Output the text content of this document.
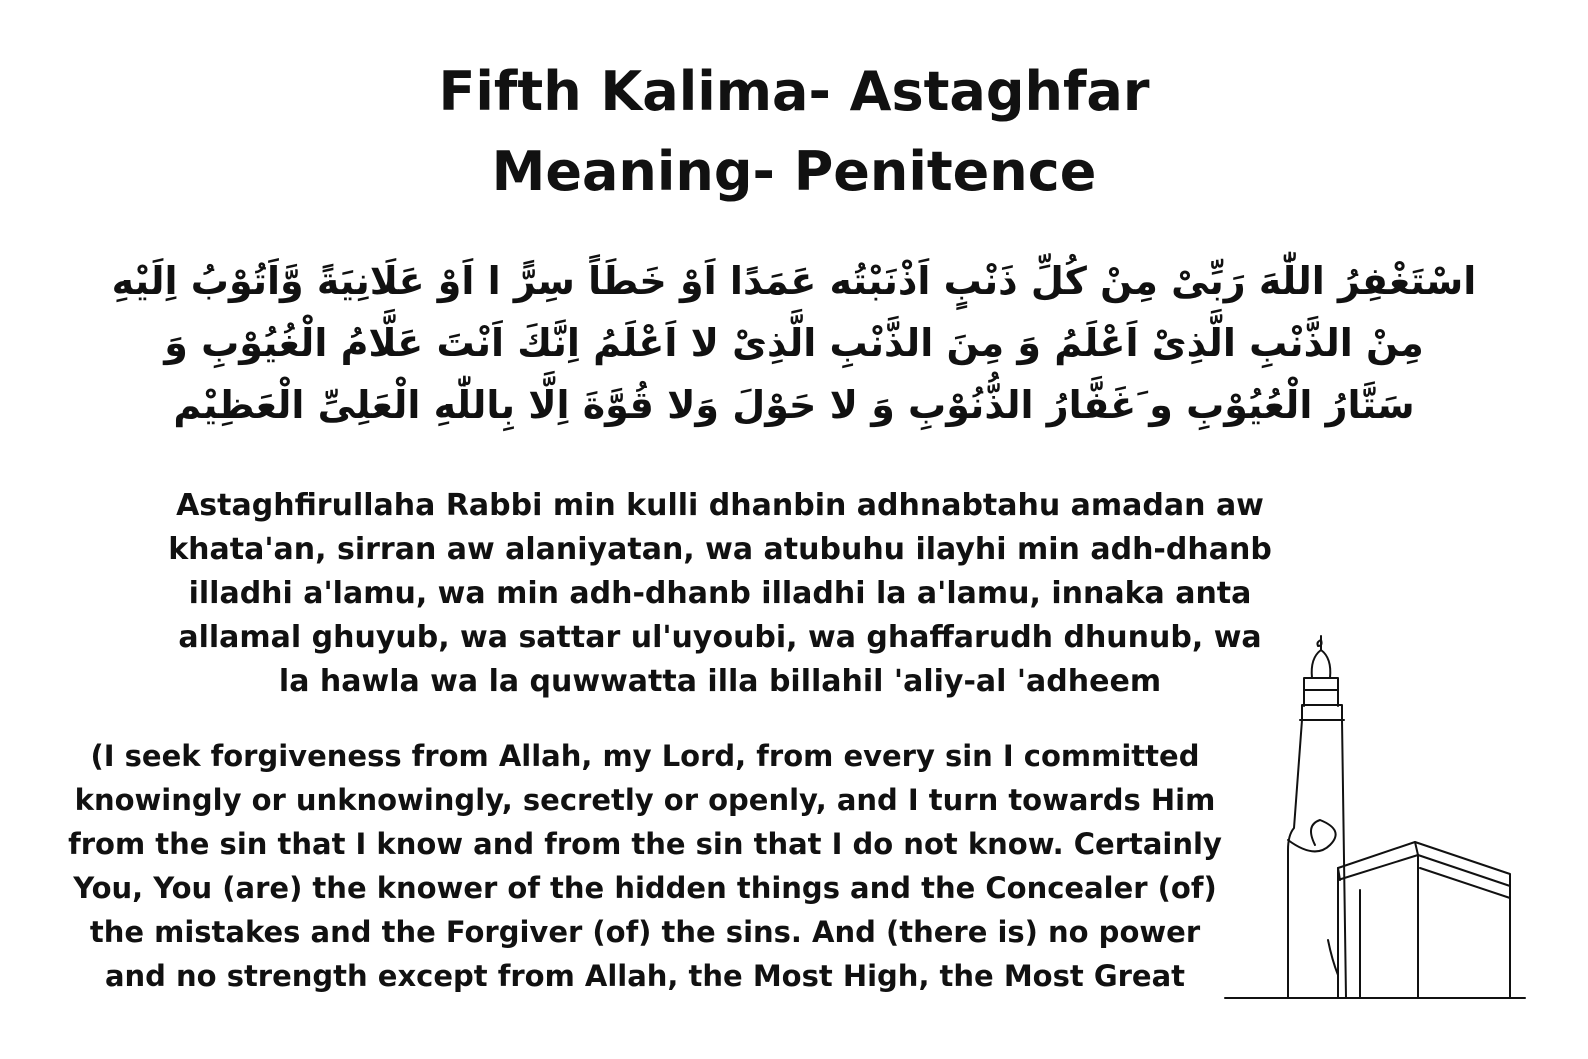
Fifth Kalima- Astaghfar
Meaning- Penitence
اسْتَغْفِرُ اللّٰهَ رَبِّىْ مِنْ كُلِّ ذَنْبٍ اَذْنَبْتُه عَمَدًا اَوْ خَطَاً سِرًّ ا اَوْ عَلَانِيَةً وَّاَتُوْبُ اِلَيْهِ
مِنْ الذَّنْبِ الَّذِىْ اَعْلَمُ وَ مِنَ الذَّنْبِ الَّذِىْ لا اَعْلَمُ اِنَّكَ اَنْتَ عَلَّامُ الْغُيُوْبِ وَ
سَتَّارُ الْعُيُوْبِ و َغَفَّارُ الذُّنُوْبِ وَ لا حَوْلَ وَلا قُوَّةَ اِلَّا بِاللّٰهِ الْعَلِىِّ الْعَظِيْم
Astaghfirullaha Rabbi min kulli dhanbin adhnabtahu amadan aw
khata'an, sirran aw alaniyatan, wa atubuhu ilayhi min adh-dhanb
illadhi a'lamu, wa min adh-dhanb illadhi la a'lamu, innaka anta
allamal ghuyub, wa sattar ul'uyoubi, wa ghaffarudh dhunub, wa
la hawla wa la quwwatta illa billahil 'aliy-al 'adheem
(I seek forgiveness from Allah, my Lord, from every sin I committed
knowingly or unknowingly, secretly or openly, and I turn towards Him
from the sin that I know and from the sin that I do not know. Certainly
You, You (are) the knower of the hidden things and the Concealer (of)
the mistakes and the Forgiver (of) the sins. And (there is) no power
and no strength except from Allah, the Most High, the Most Great
